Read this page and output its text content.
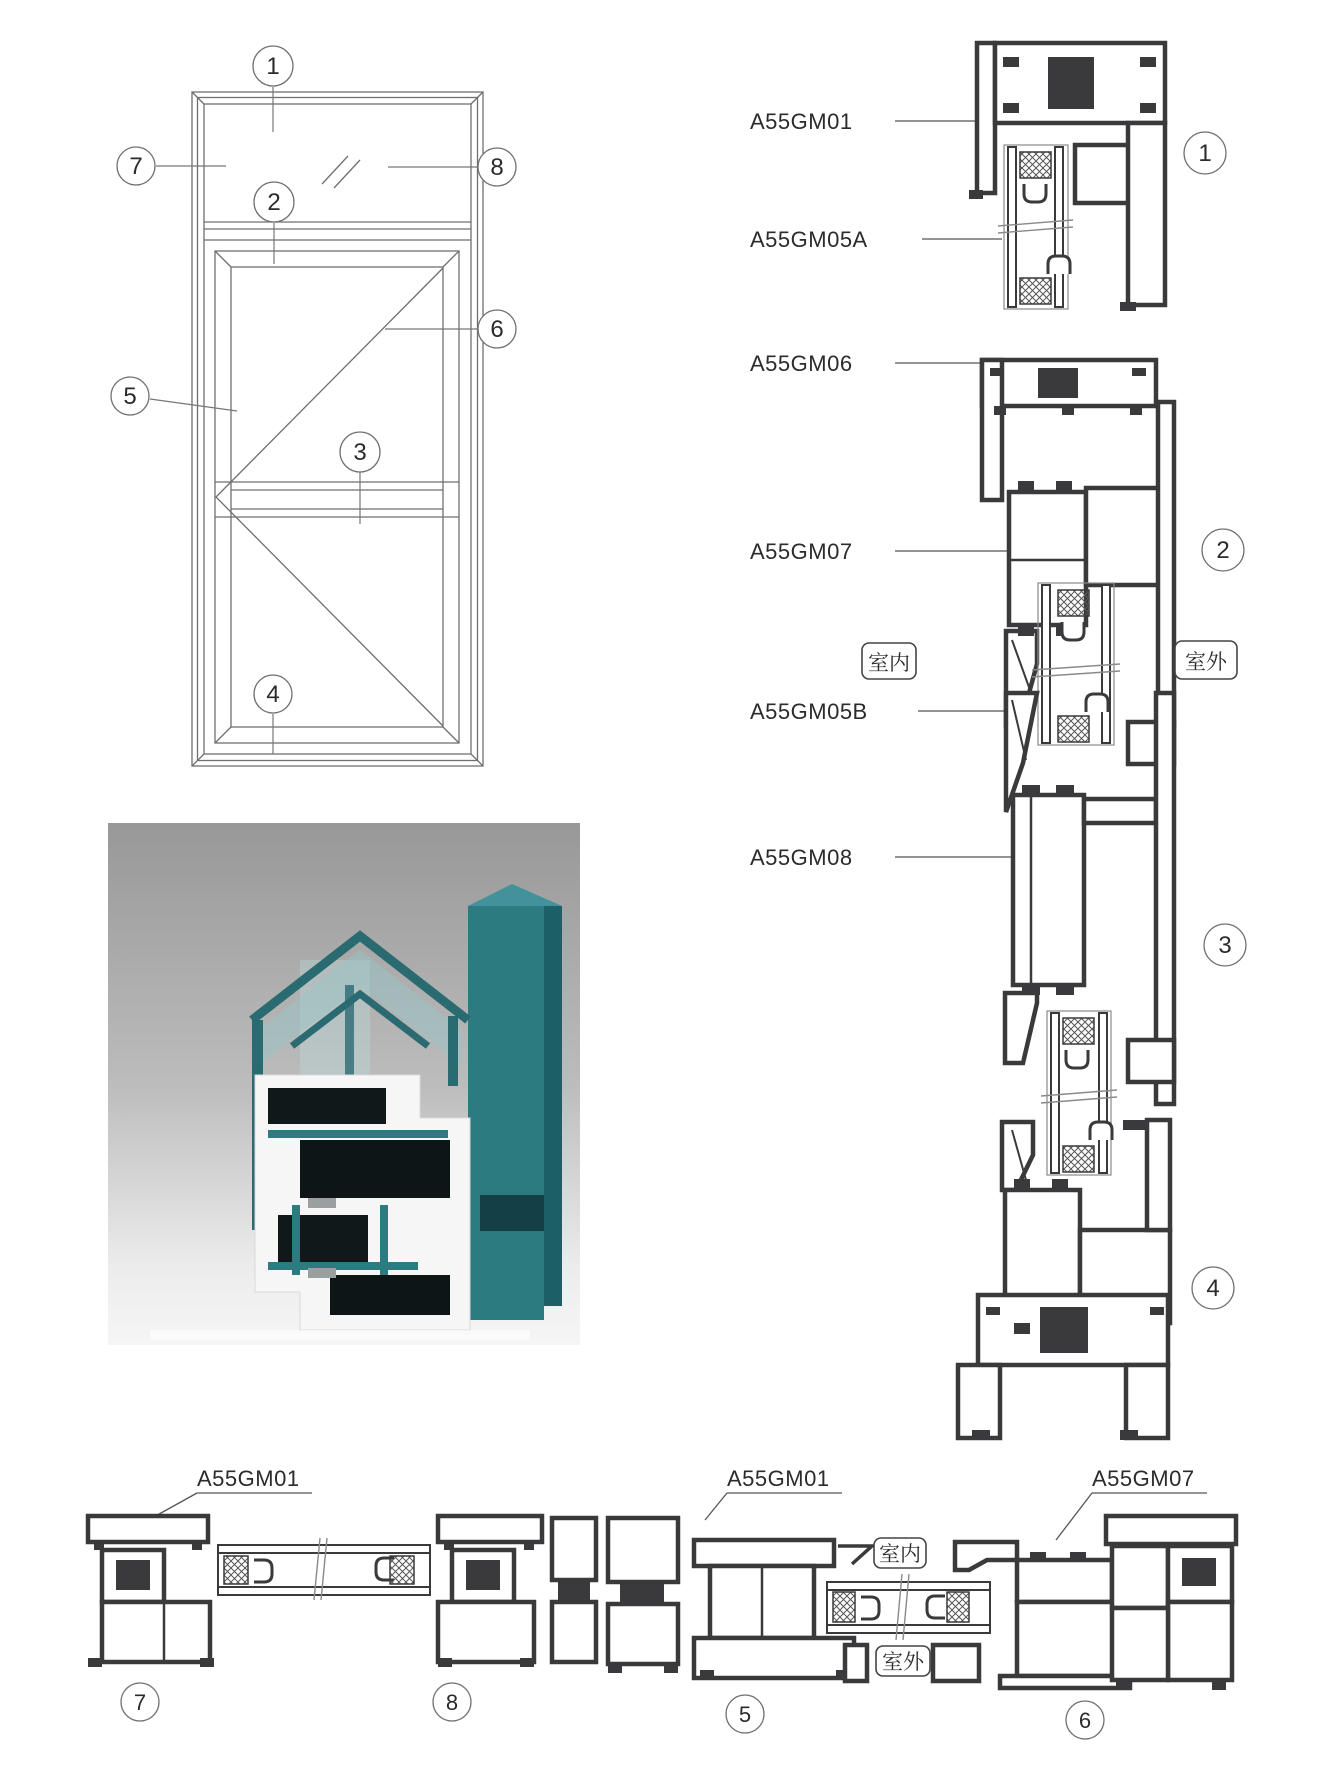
1
7	8
2
5
6
3
4
A55GM01
A55GM05A
A55GM06
A55GM07
A55GM05B
A55GM08
1
2
室内	室外
3
4
A55GM01	A55GM01	A55GM07
7	8
室内
室外
5	6
